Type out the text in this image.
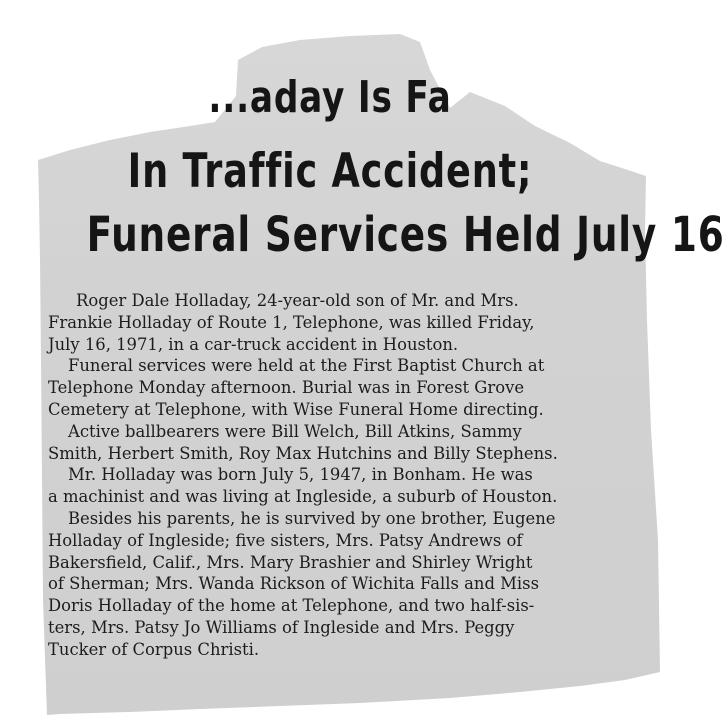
...aday Is Fa
In Traffic Accident;
Funeral Services Held July 16
Roger Dale Holladay, 24-year-old son of Mr. and Mrs.
Frankie Holladay of Route 1, Telephone, was killed Friday,
July 16, 1971, in a car-truck accident in Houston.
Funeral services were held at the First Baptist Church at
Telephone Monday afternoon. Burial was in Forest Grove
Cemetery at Telephone, with Wise Funeral Home directing.
Active ballbearers were Bill Welch, Bill Atkins, Sammy
Smith, Herbert Smith, Roy Max Hutchins and Billy Stephens.
Mr. Holladay was born July 5, 1947, in Bonham. He was
a machinist and was living at Ingleside, a suburb of Houston.
Besides his parents, he is survived by one brother, Eugene
Holladay of Ingleside; five sisters, Mrs. Patsy Andrews of
Bakersfield, Calif., Mrs. Mary Brashier and Shirley Wright
of Sherman; Mrs. Wanda Rickson of Wichita Falls and Miss
Doris Holladay of the home at Telephone, and two half-sis-
ters, Mrs. Patsy Jo Williams of Ingleside and Mrs. Peggy
Tucker of Corpus Christi.
